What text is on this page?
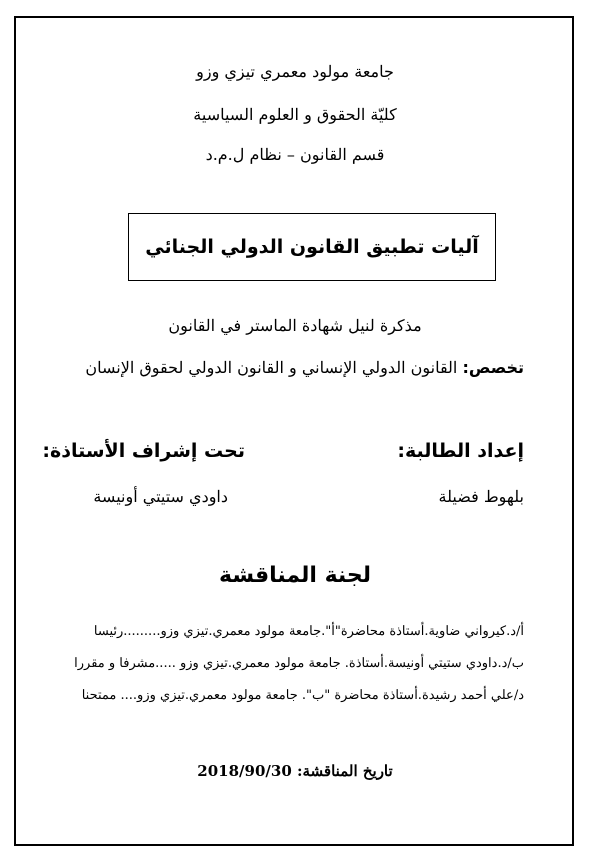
جامعة مولود معمري تيزي وزو
كليّة الحقوق و العلوم السياسية
قسم القانون – نظام ل.م.د
آليات تطبيق القانون الدولي الجنائي
مذكرة لنيل شهادة الماستر في القانون
تخصص: القانون الدولي الإنساني و القانون الدولي لحقوق الإنسان
إعداد الطالبة:
تحت إشراف الأستاذة:
بلهوط فضيلة
داودي ستيتي أونيسة
لجنة المناقشة
أ/د.كيرواني ضاوية.أستاذة محاضرة"أ".جامعة مولود معمري.تيزي وزو.........رئيسا
ب/د.داودي ستيتي أونيسة.أستاذة. جامعة مولود معمري.تيزي وزو .....مشرفا و مقررا
د/علي أحمد رشيدة.أستاذة محاضرة "ب". جامعة مولود معمري.تيزي وزو.... ممتحنا
تاريخ المناقشة: 2018/90/30
